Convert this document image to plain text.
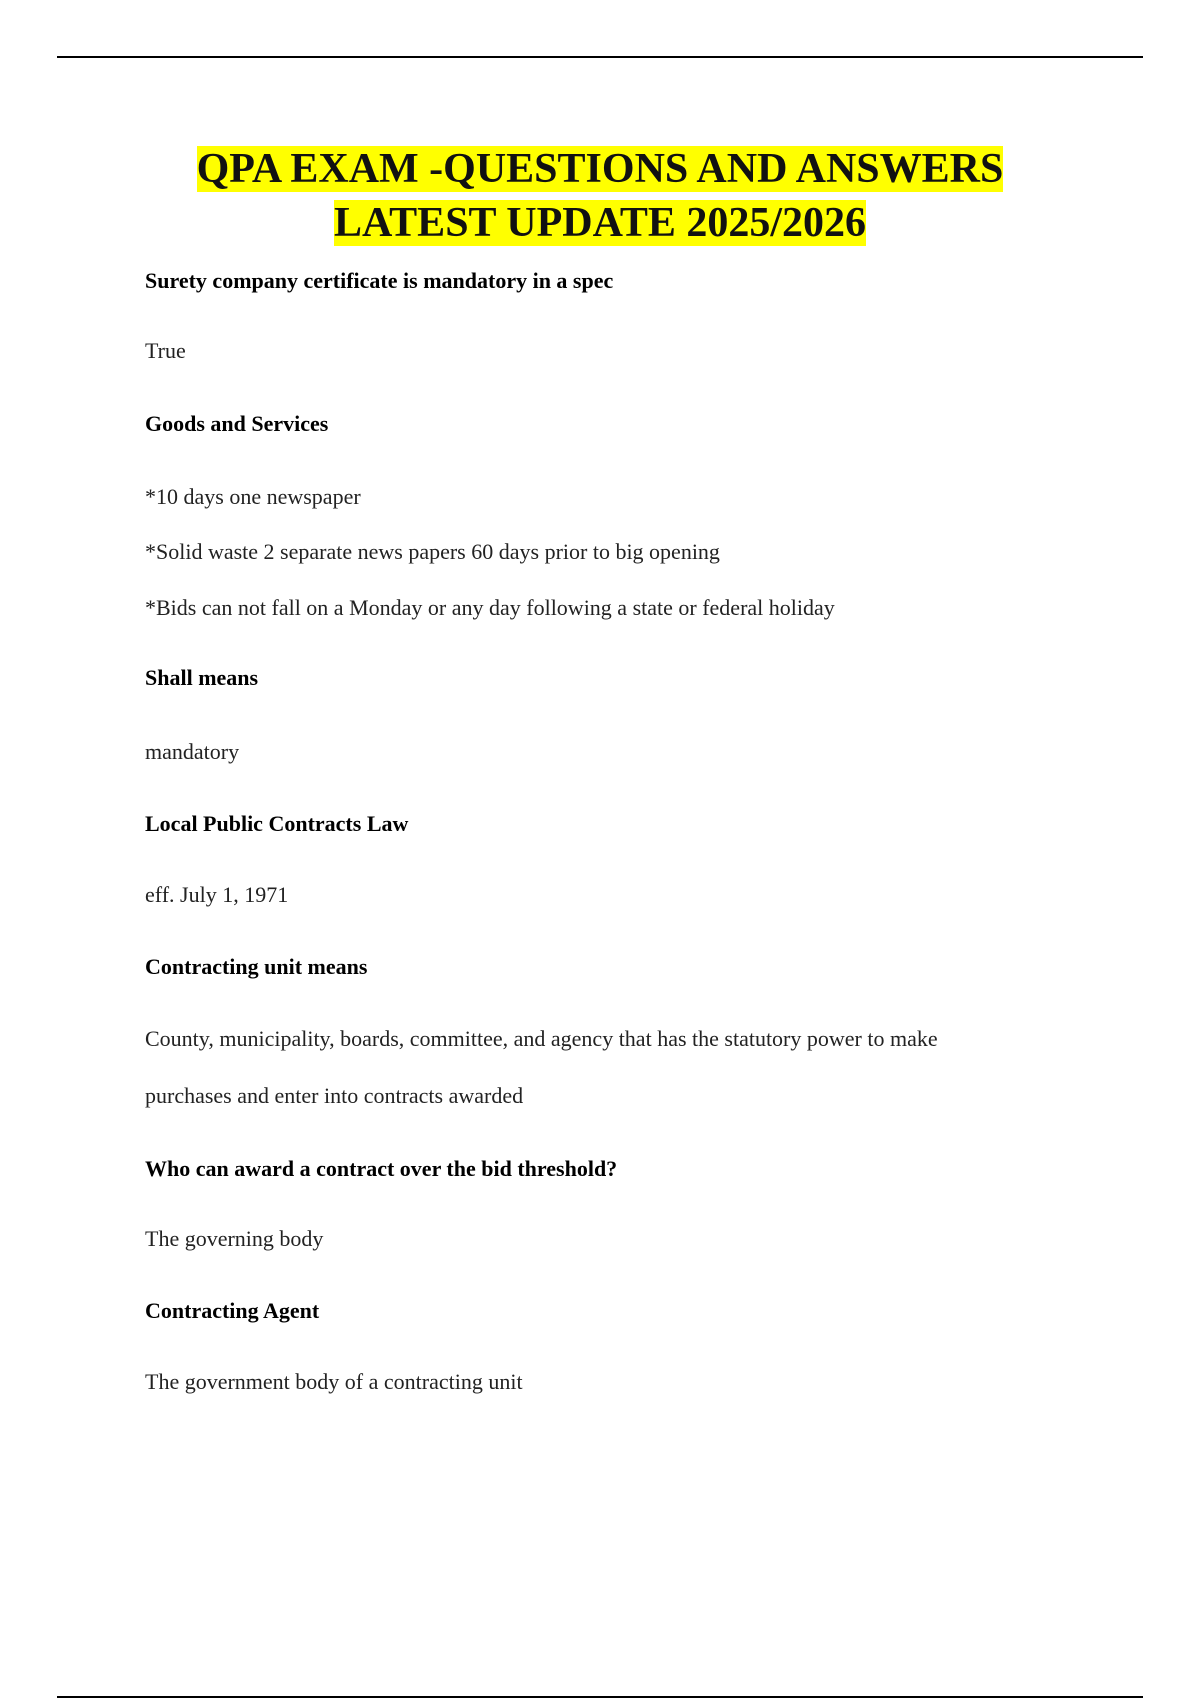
QPA EXAM -QUESTIONS AND ANSWERS
LATEST UPDATE 2025/2026
Surety company certificate is mandatory in a spec
True
Goods and Services
*10 days one newspaper
*Solid waste 2 separate news papers 60 days prior to big opening
*Bids can not fall on a Monday or any day following a state or federal holiday
Shall means
mandatory
Local Public Contracts Law
eff. July 1, 1971
Contracting unit means
County, municipality, boards, committee, and agency that has the statutory power to make
purchases and enter into contracts awarded
Who can award a contract over the bid threshold?
The governing body
Contracting Agent
The government body of a contracting unit
